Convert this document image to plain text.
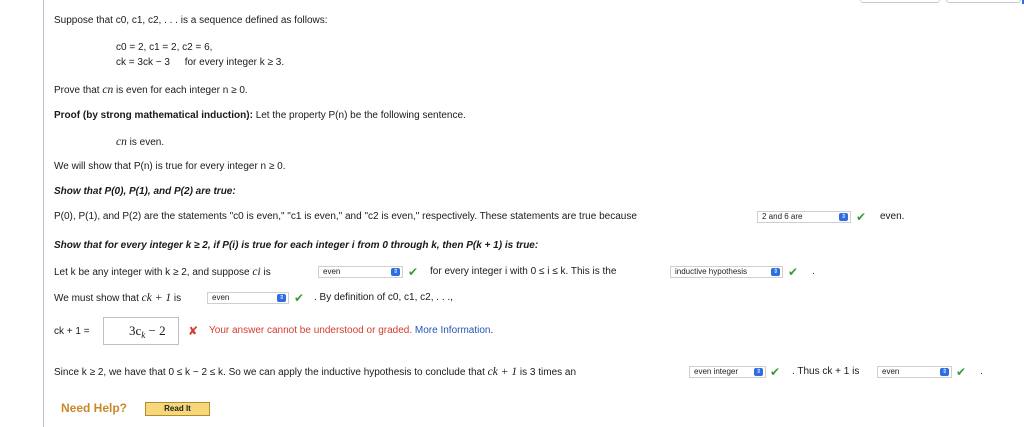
Suppose that c0, c1, c2, . . . is a sequence defined as follows:
c0 = 2, c1 = 2, c2 = 6,
ck = 3ck − 3 for every integer k ≥ 3.
Prove that cn is even for each integer n ≥ 0.
Proof (by strong mathematical induction): Let the property P(n) be the following sentence.
cn is even.
We will show that P(n) is true for every integer n ≥ 0.
Show that P(0), P(1), and P(2) are true:
P(0), P(1), and P(2) are the statements "c0 is even," "c1 is even," and "c2 is even," respectively. These statements are true because	2 and 6 are	⇕ ✔ even.
Show that for every integer k ≥ 2, if P(i) is true for each integer i from 0 through k, then P(k + 1) is true:
Let k be any integer with k ≥ 2, and suppose ci is	even	⇕ ✔ for every integer i with 0 ≤ i ≤ k. This is the	inductive hypothesis	⇕ ✔ .
We must show that ck + 1 is	even	⇕ ✔ . By definition of c0, c1, c2, . . .,
ck + 1 =	$3c_k - 2$	✘ Your answer cannot be understood or graded. More Information.
Since k ≥ 2, we have that 0 ≤ k − 2 ≤ k. So we can apply the inductive hypothesis to conclude that ck + 1 is 3 times an	even integer	⇕ ✔ . Thus ck + 1 is	even	⇕ ✔ .
Need Help?	Read It
